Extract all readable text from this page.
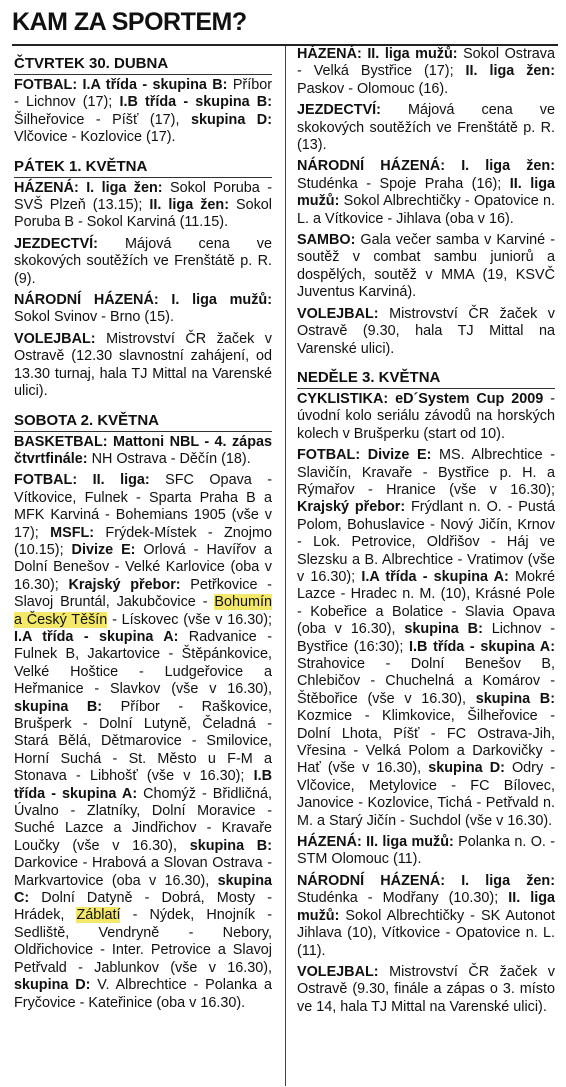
KAM ZA SPORTEM?
ČTVRTEK 30. DUBNA
FOTBAL: I.A třída - skupina B: Příbor - Lichnov (17); I.B třída - skupina B: Šilheřovice - Píšť (17), skupina D: Vlčovice - Kozlovice (17).
PÁTEK 1. KVĚTNA
HÁZENÁ: I. liga žen: Sokol Poruba - SVŠ Plzeň (13.15); II. liga žen: Sokol Poruba B - Sokol Karviná (11.15).
JEZDECTVÍ: Májová cena ve skokových soutěžích ve Frenštátě p. R. (9).
NÁRODNÍ HÁZENÁ: I. liga mužů: Sokol Svinov - Brno (15).
VOLEJBAL: Mistrovství ČR žaček v Ostravě (12.30 slavnostní zahájení, od 13.30 turnaj, hala TJ Mittal na Varenské ulici).
SOBOTA 2. KVĚTNA
BASKETBAL: Mattoni NBL - 4. zápas čtvrtfinále: NH Ostrava - Děčín (18).
FOTBAL: II. liga: SFC Opava - Vítkovice, Fulnek - Sparta Praha B a MFK Karviná - Bohemians 1905 (vše v 17); MSFL: Frýdek-Místek - Znojmo (10.15); Divize E: Orlová - Havířov a Dolní Benešov - Velké Karlovice (oba v 16.30); Krajský přebor: Petřkovice - Slavoj Bruntál, Jakubčovice - Bohumín a Český Těšín - Lískovec (vše v 16.30); I.A třída - skupina A: Radvanice - Fulnek B, Jakartovice - Štěpánkovice, Velké Hoštice - Ludgeřovice a Heřmanice - Slavkov (vše v 16.30), skupina B: Příbor - Raškovice, Brušperk - Dolní Lutyně, Čeladná - Stará Bělá, Dětmarovice - Smilovice, Horní Suchá - St. Město u F-M a Stonava - Libhošť (vše v 16.30); I.B třída - skupina A: Chomýž - Břidličná, Úvalno - Zlatníky, Dolní Moravice - Suché Lazce a Jindřichov - Kravaře Loučky (vše v 16.30), skupina B: Darkovice - Hrabová a Slovan Ostrava - Markvartovice (oba v 16.30), skupina C: Dolní Datyně - Dobrá, Mosty - Hrádek, Záblatí - Nýdek, Hnojník - Sedliště, Vendryně - Nebory, Oldřichovice - Inter. Petrovice a Slavoj Petřvald - Jablunkov (vše v 16.30), skupina D: V. Albrechtice - Polanka a Fryčovice - Kateřinice (oba v 16.30).
HÁZENÁ: II. liga mužů: Sokol Ostrava - Velká Bystřice (17); II. liga žen: Paskov - Olomouc (16).
JEZDECTVÍ: Májová cena ve skokových soutěžích ve Frenštátě p. R. (13).
NÁRODNÍ HÁZENÁ: I. liga žen: Studénka - Spoje Praha (16); II. liga mužů: Sokol Albrechtičky - Opatovice n. L. a Vítkovice - Jihlava (oba v 16).
SAMBO: Gala večer samba v Karviné - soutěž v combat sambu juniorů a dospělých, soutěž v MMA (19, KSVČ Juventus Karviná).
VOLEJBAL: Mistrovství ČR žaček v Ostravě (9.30, hala TJ Mittal na Varenské ulici).
NEDĚLE 3. KVĚTNA
CYKLISTIKA: eD´System Cup 2009 - úvodní kolo seriálu závodů na horských kolech v Brušperku (start od 10).
FOTBAL: Divize E: MS. Albrechtice - Slavičín, Kravaře - Bystřice p. H. a Rýmařov - Hranice (vše v 16.30); Krajský přebor: Frýdlant n. O. - Pustá Polom, Bohuslavice - Nový Jičín, Krnov - Lok. Petrovice, Oldřišov - Háj ve Slezsku a B. Albrechtice - Vratimov (vše v 16.30); I.A třída - skupina A: Mokré Lazce - Hradec n. M. (10), Krásné Pole - Kobeřice a Bolatice - Slavia Opava (oba v 16.30), skupina B: Lichnov - Bystřice (16:30); I.B třída - skupina A: Strahovice - Dolní Benešov B, Chlebičov - Chuchelná a Komárov - Štěbořice (vše v 16.30), skupina B: Kozmice - Klimkovice, Šilheřovice - Dolní Lhota, Píšť - FC Ostrava-Jih, Vřesina - Velká Polom a Darkovičky - Hať (vše v 16.30), skupina D: Odry - Vlčovice, Metylovice - FC Bílovec, Janovice - Kozlovice, Tichá - Petřvald n. M. a Starý Jičín - Suchdol (vše v 16.30).
HÁZENÁ: II. liga mužů: Polanka n. O. - STM Olomouc (11).
NÁRODNÍ HÁZENÁ: I. liga žen: Studénka - Modřany (10.30); II. liga mužů: Sokol Albrechtičky - SK Autonot Jihlava (10), Vítkovice - Opatovice n. L. (11).
VOLEJBAL: Mistrovství ČR žaček v Ostravě (9.30, finále a zápas o 3. místo ve 14, hala TJ Mittal na Varenské ulici).
